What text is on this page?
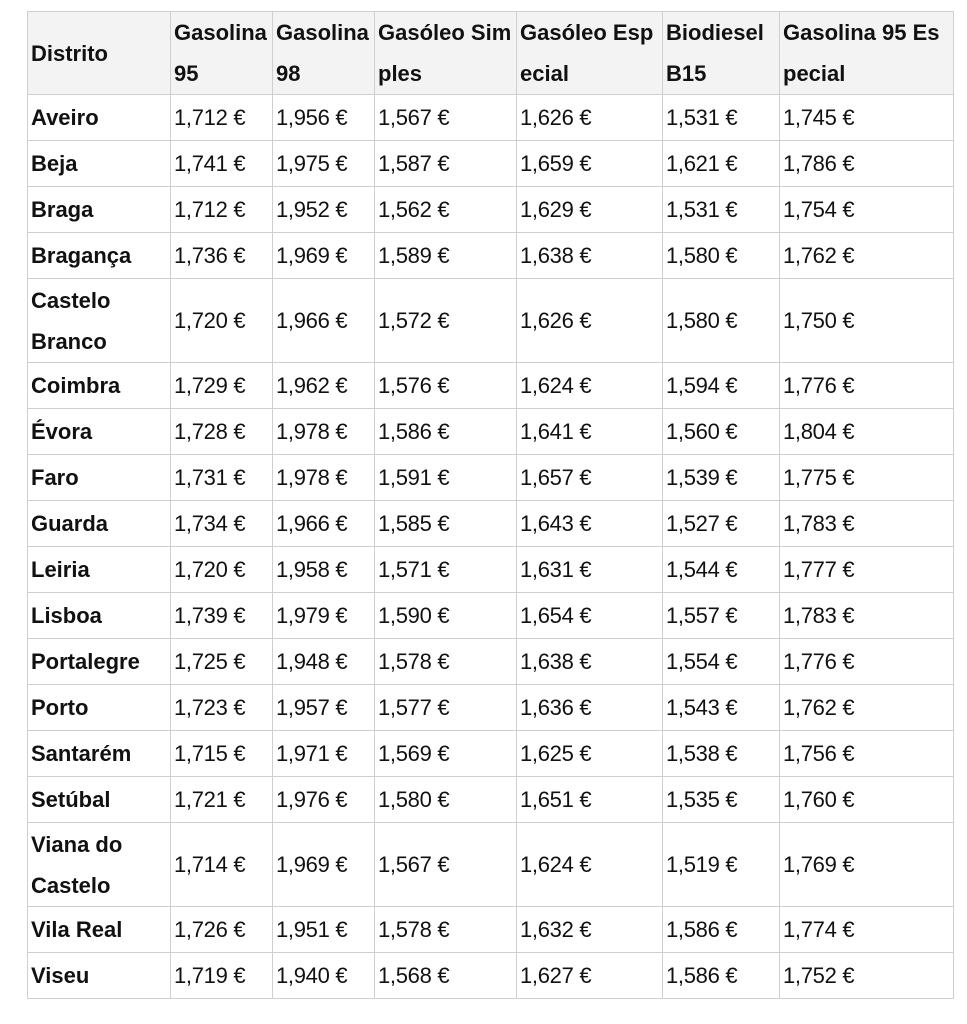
Distrito	Gasolina 95	Gasolina 98	Gasóleo Simples	Gasóleo Especial	Biodiesel B15	Gasolina 95 Especial
Aveiro	1,712 €	1,956 €	1,567 €	1,626 €	1,531 €	1,745 €
Beja	1,741 €	1,975 €	1,587 €	1,659 €	1,621 €	1,786 €
Braga	1,712 €	1,952 €	1,562 €	1,629 €	1,531 €	1,754 €
Bragança	1,736 €	1,969 €	1,589 €	1,638 €	1,580 €	1,762 €
Castelo Branco	1,720 €	1,966 €	1,572 €	1,626 €	1,580 €	1,750 €
Coimbra	1,729 €	1,962 €	1,576 €	1,624 €	1,594 €	1,776 €
Évora	1,728 €	1,978 €	1,586 €	1,641 €	1,560 €	1,804 €
Faro	1,731 €	1,978 €	1,591 €	1,657 €	1,539 €	1,775 €
Guarda	1,734 €	1,966 €	1,585 €	1,643 €	1,527 €	1,783 €
Leiria	1,720 €	1,958 €	1,571 €	1,631 €	1,544 €	1,777 €
Lisboa	1,739 €	1,979 €	1,590 €	1,654 €	1,557 €	1,783 €
Portalegre	1,725 €	1,948 €	1,578 €	1,638 €	1,554 €	1,776 €
Porto	1,723 €	1,957 €	1,577 €	1,636 €	1,543 €	1,762 €
Santarém	1,715 €	1,971 €	1,569 €	1,625 €	1,538 €	1,756 €
Setúbal	1,721 €	1,976 €	1,580 €	1,651 €	1,535 €	1,760 €
Viana do Castelo	1,714 €	1,969 €	1,567 €	1,624 €	1,519 €	1,769 €
Vila Real	1,726 €	1,951 €	1,578 €	1,632 €	1,586 €	1,774 €
Viseu	1,719 €	1,940 €	1,568 €	1,627 €	1,586 €	1,752 €
